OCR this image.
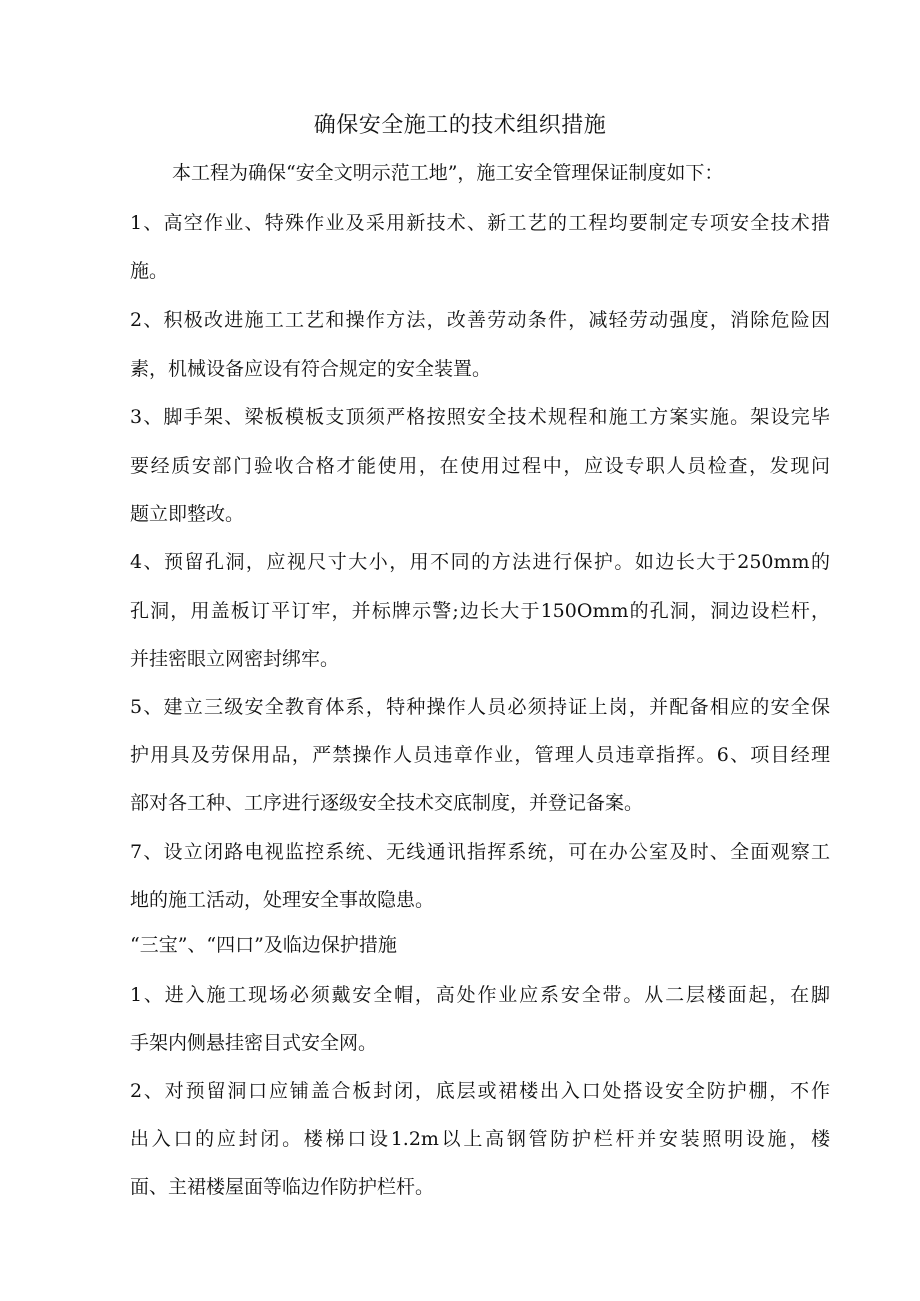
确保安全施工的技术组织措施
本工程为确保“安全文明示范工地”，施工安全管理保证制度如下：
1、高空作业、特殊作业及采用新技术、新工艺的工程均要制定专项安全技术措
施。
2、积极改进施工工艺和操作方法，改善劳动条件，减轻劳动强度，消除危险因
素，机械设备应设有符合规定的安全装置。
3、脚手架、梁板模板支顶须严格按照安全技术规程和施工方案实施。架设完毕
要经质安部门验收合格才能使用，在使用过程中，应设专职人员检查，发现问
题立即整改。
4、预留孔洞，应视尺寸大小，用不同的方法进行保护。如边长大于250mm的
孔洞，用盖板订平订牢，并标牌示警;边长大于150Omm的孔洞，洞边设栏杆，
并挂密眼立网密封绑牢。
5、建立三级安全教育体系，特种操作人员必须持证上岗，并配备相应的安全保
护用具及劳保用品，严禁操作人员违章作业，管理人员违章指挥。6、项目经理
部对各工种、工序进行逐级安全技术交底制度，并登记备案。
7、设立闭路电视监控系统、无线通讯指挥系统，可在办公室及时、全面观察工
地的施工活动，处理安全事故隐患。
“三宝”、“四口”及临边保护措施
1、进入施工现场必须戴安全帽，高处作业应系安全带。从二层楼面起，在脚
手架内侧悬挂密目式安全网。
2、对预留洞口应铺盖合板封闭，底层或裙楼出入口处搭设安全防护棚，不作
出入口的应封闭。楼梯口设1.2m以上高钢管防护栏杆并安装照明设施，楼
面、主裙楼屋面等临边作防护栏杆。
